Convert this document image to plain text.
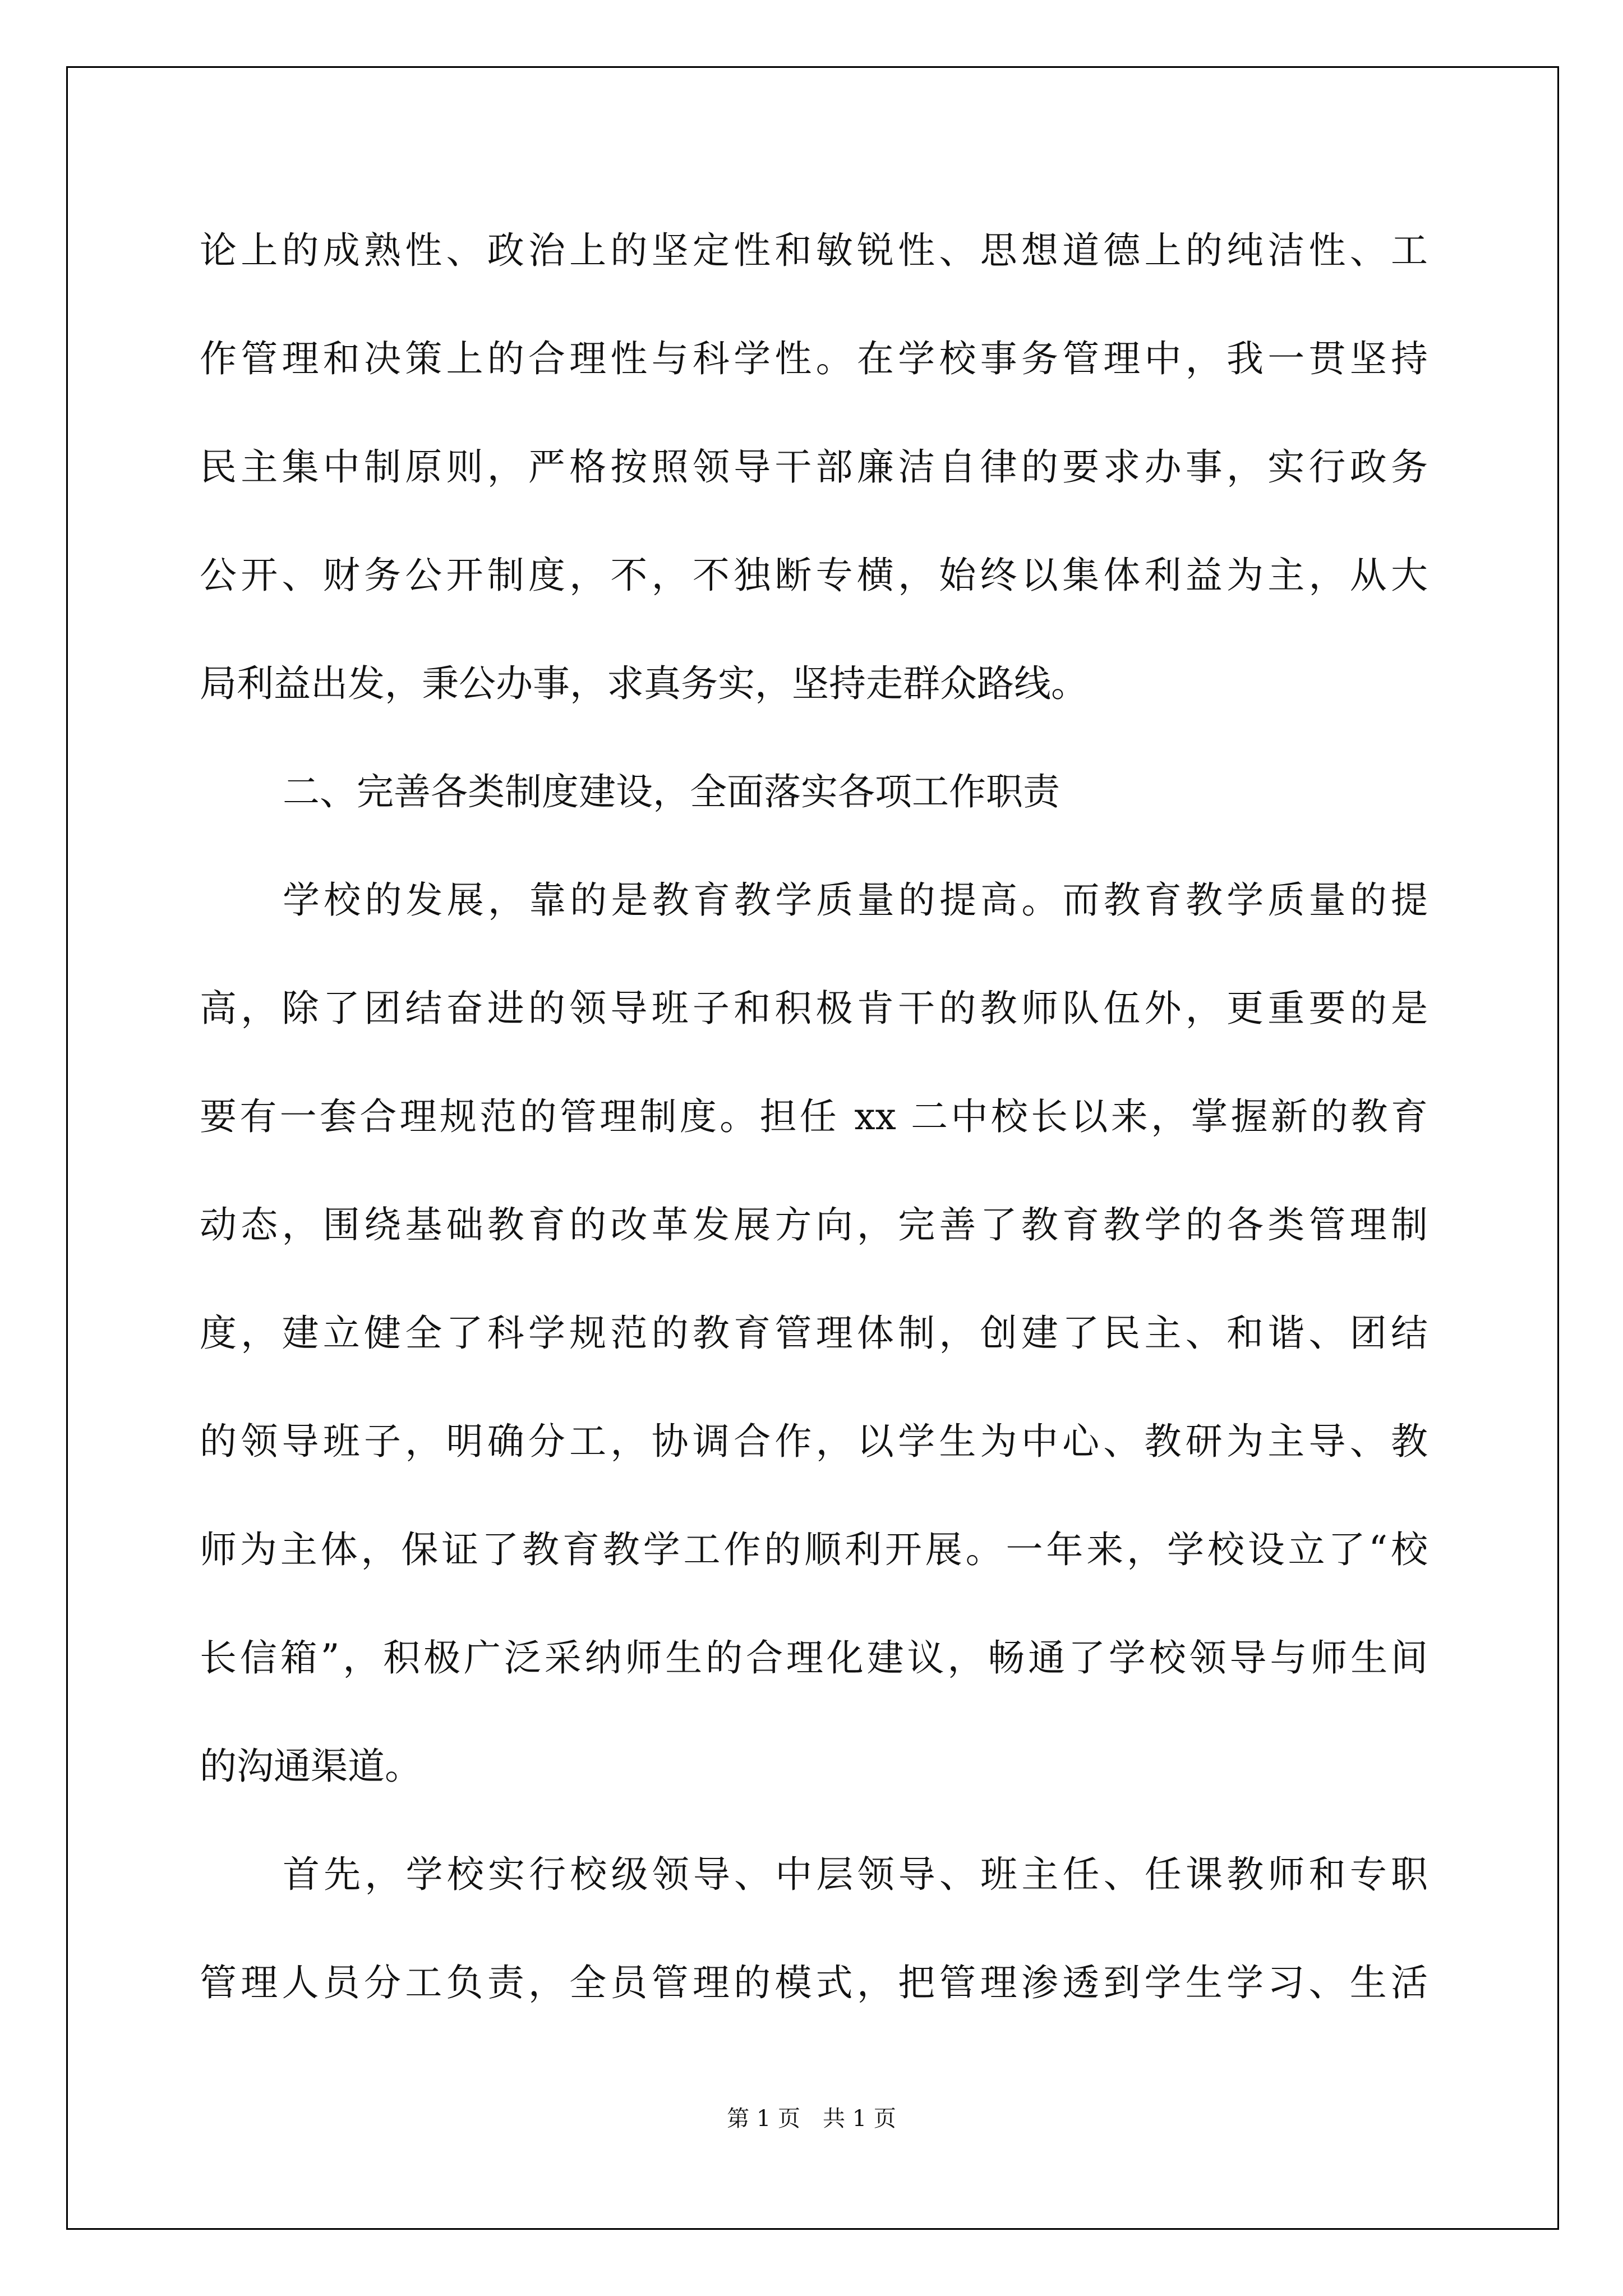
论上的成熟性、政治上的坚定性和敏锐性、思想道德上的纯洁性、工
作管理和决策上的合理性与科学性。在学校事务管理中，我一贯坚持
民主集中制原则，严格按照领导干部廉洁自律的要求办事，实行政务
公开、财务公开制度，不，不独断专横，始终以集体利益为主，从大
局利益出发，秉公办事，求真务实，坚持走群众路线。
二、完善各类制度建设，全面落实各项工作职责
学校的发展，靠的是教育教学质量的提高。而教育教学质量的提
高，除了团结奋进的领导班子和积极肯干的教师队伍外，更重要的是
要有一套合理规范的管理制度。担任 xx 二中校长以来，掌握新的教育
动态，围绕基础教育的改革发展方向，完善了教育教学的各类管理制
度，建立健全了科学规范的教育管理体制，创建了民主、和谐、团结
的领导班子，明确分工，协调合作，以学生为中心、教研为主导、教
师为主体，保证了教育教学工作的顺利开展。一年来，学校设立了“校
长信箱”，积极广泛采纳师生的合理化建议，畅通了学校领导与师生间
的沟通渠道。
首先，学校实行校级领导、中层领导、班主任、任课教师和专职
管理人员分工负责，全员管理的模式，把管理渗透到学生学习、生活
第 1 页　共 1 页
